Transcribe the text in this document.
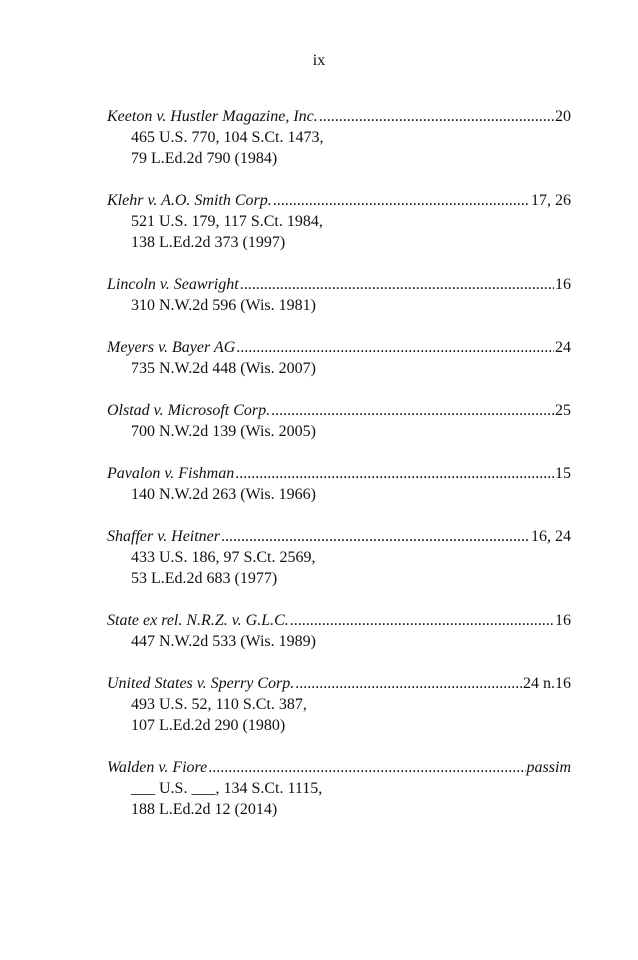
ix
Keeton v. Hustler Magazine, Inc. .....	20
465 U.S. 770, 104 S.Ct. 1473,
79 L.Ed.2d 790 (1984)
Klehr v. A.O. Smith Corp. .....	17, 26
521 U.S. 179, 117 S.Ct. 1984,
138 L.Ed.2d 373 (1997)
Lincoln v. Seawright .....	16
310 N.W.2d 596 (Wis. 1981)
Meyers v. Bayer AG .....	24
735 N.W.2d 448 (Wis. 2007)
Olstad v. Microsoft Corp. .....	25
700 N.W.2d 139 (Wis. 2005)
Pavalon v. Fishman .....	15
140 N.W.2d 263 (Wis. 1966)
Shaffer v. Heitner .....	16, 24
433 U.S. 186, 97 S.Ct. 2569,
53 L.Ed.2d 683 (1977)
State ex rel. N.R.Z. v. G.L.C. .....	16
447 N.W.2d 533 (Wis. 1989)
United States v. Sperry Corp. .....	24 n.16
493 U.S. 52, 110 S.Ct. 387,
107 L.Ed.2d 290 (1980)
Walden v. Fiore .....	passim
___ U.S. ___, 134 S.Ct. 1115,
188 L.Ed.2d 12 (2014)
